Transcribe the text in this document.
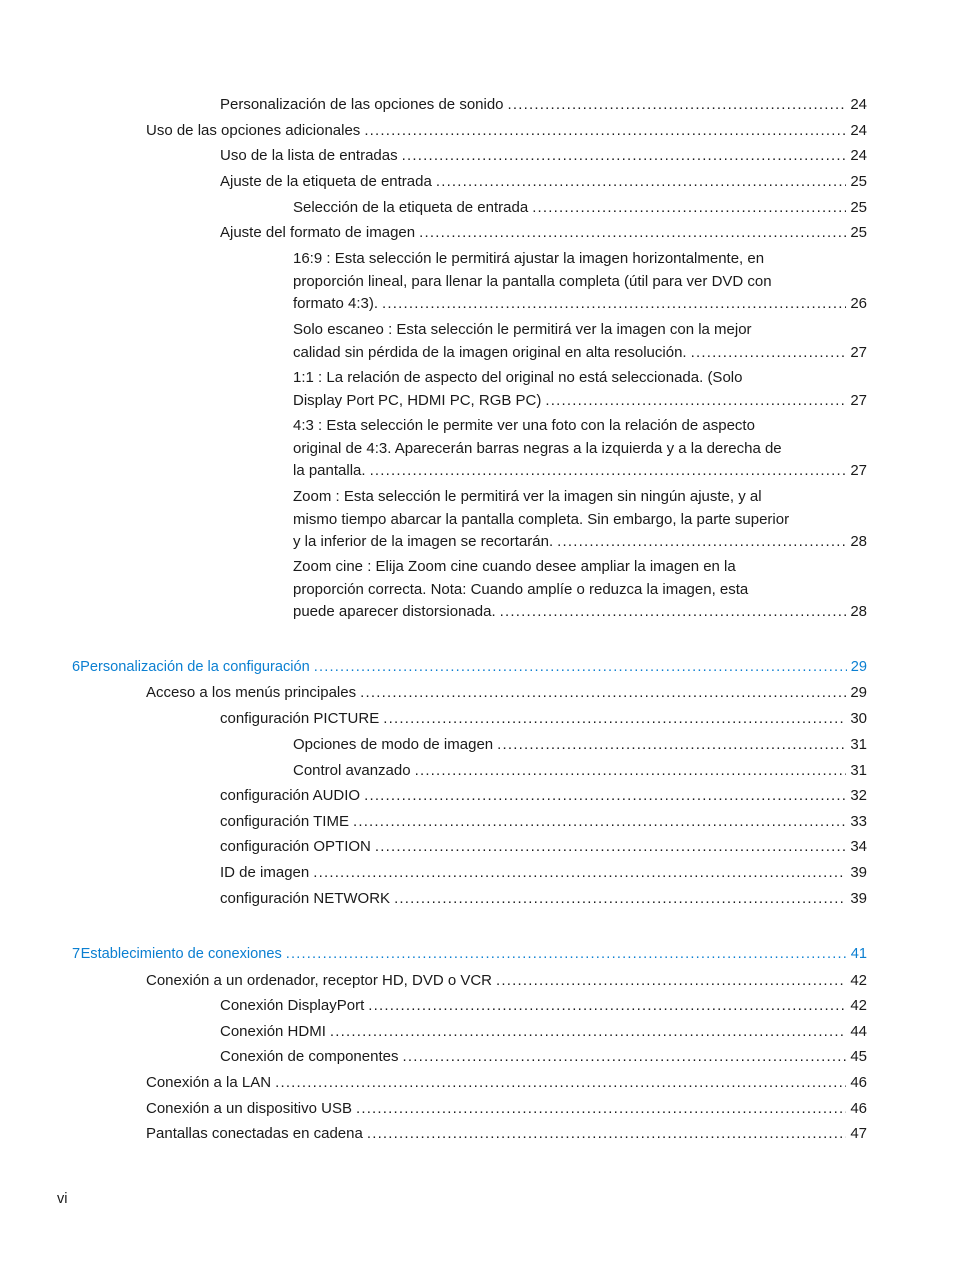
Personalización de las opciones de sonido .....	24
Uso de las opciones adicionales .....	24
Uso de la lista de entradas .....	24
Ajuste de la etiqueta de entrada .....	25
Selección de la etiqueta de entrada .....	25
Ajuste del formato de imagen .....	25
16:9 : Esta selección le permitirá ajustar la imagen horizontalmente, en
proporción lineal, para llenar la pantalla completa (útil para ver DVD con
formato 4:3). .....	26
Solo escaneo : Esta selección le permitirá ver la imagen con la mejor
calidad sin pérdida de la imagen original en alta resolución. .....	27
1:1 : La relación de aspecto del original no está seleccionada. (Solo
Display Port PC, HDMI PC, RGB PC) .....	27
4:3 : Esta selección le permite ver una foto con la relación de aspecto
original de 4:3. Aparecerán barras negras a la izquierda y a la derecha de
la pantalla. .....	27
Zoom : Esta selección le permitirá ver la imagen sin ningún ajuste, y al
mismo tiempo abarcar la pantalla completa. Sin embargo, la parte superior
y la inferior de la imagen se recortarán. .....	28
Zoom cine : Elija Zoom cine cuando desee ampliar la imagen en la
proporción correcta. Nota: Cuando amplíe o reduzca la imagen, esta
puede aparecer distorsionada. .....	28
6 Personalización de la configuración .....	29
Acceso a los menús principales .....	29
configuración PICTURE .....	30
Opciones de modo de imagen .....	31
Control avanzado .....	31
configuración AUDIO .....	32
configuración TIME .....	33
configuración OPTION .....	34
ID de imagen .....	39
configuración NETWORK .....	39
7 Establecimiento de conexiones .....	41
Conexión a un ordenador, receptor HD, DVD o VCR .....	42
Conexión DisplayPort .....	42
Conexión HDMI .....	44
Conexión de componentes .....	45
Conexión a la LAN .....	46
Conexión a un dispositivo USB .....	46
Pantallas conectadas en cadena .....	47
vi
